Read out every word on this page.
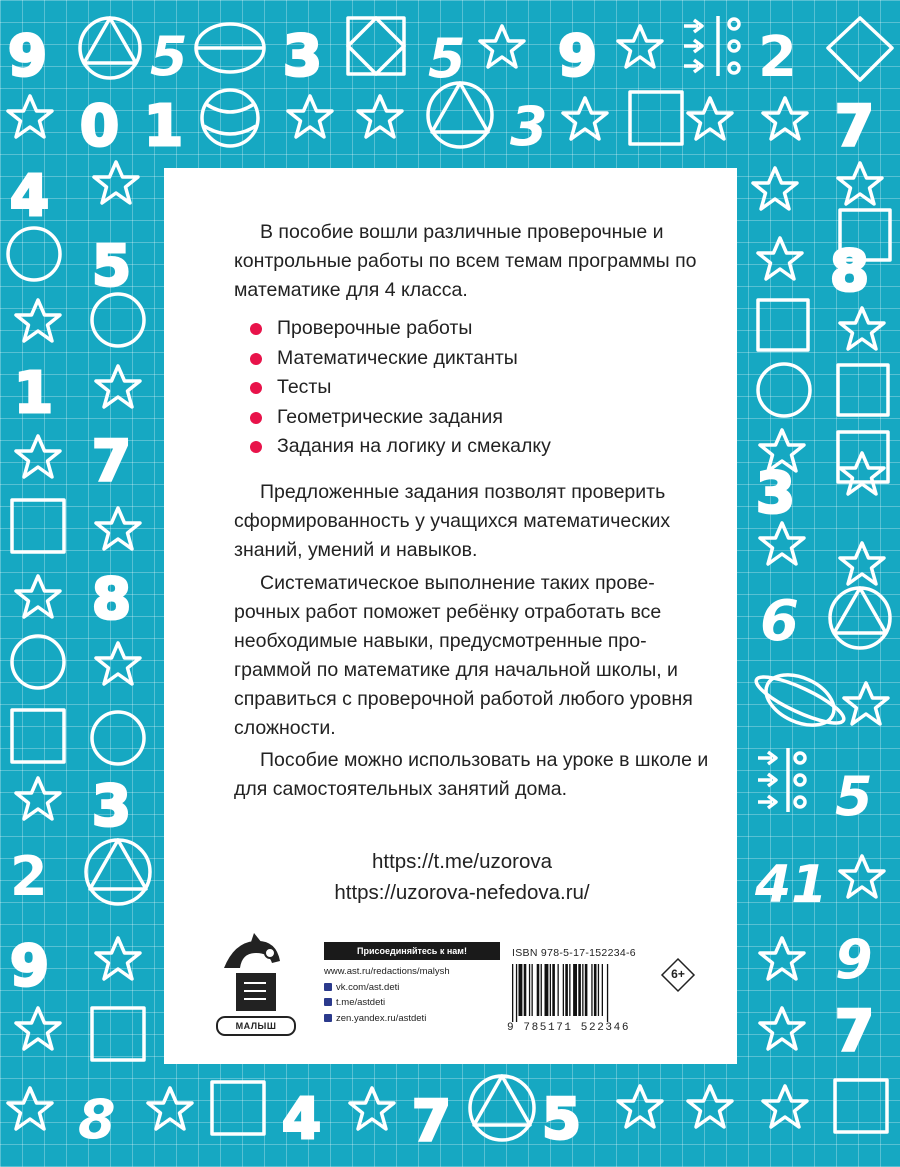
9 5 3 5 9	2
0 1	3	7
4
5
1
7
8
3
2
9
8
3
6
5
41
9
7
8	4 7 5

В пособие вошли различные проверочные и контрольные работы по всем темам программы по математике для 4 класса.

Проверочные работы
Математические диктанты
Тесты
Геометрические задания
Задания на логику и смекалку

Предложенные задания позволят проверить сформированность у учащихся математических знаний, умений и навыков.

Систематическое выполнение таких прове-рочных работ поможет ребёнку отработать все необходимые навыки, предусмотренные про-граммой по математике для начальной школы, и справиться с проверочной работой любого уровня сложности.

Пособие можно использовать на уроке в школе и для самостоятельных занятий дома.

https://t.me/uzorova
https://uzorova-nefedova.ru/
МАЛЫШ
Присоединяйтесь к нам!
www.ast.ru/redactions/malysh
vk.com/ast.deti
t.me/astdeti
zen.yandex.ru/astdeti
ISBN 978-5-17-152234-6
9 785171 522346
6+
